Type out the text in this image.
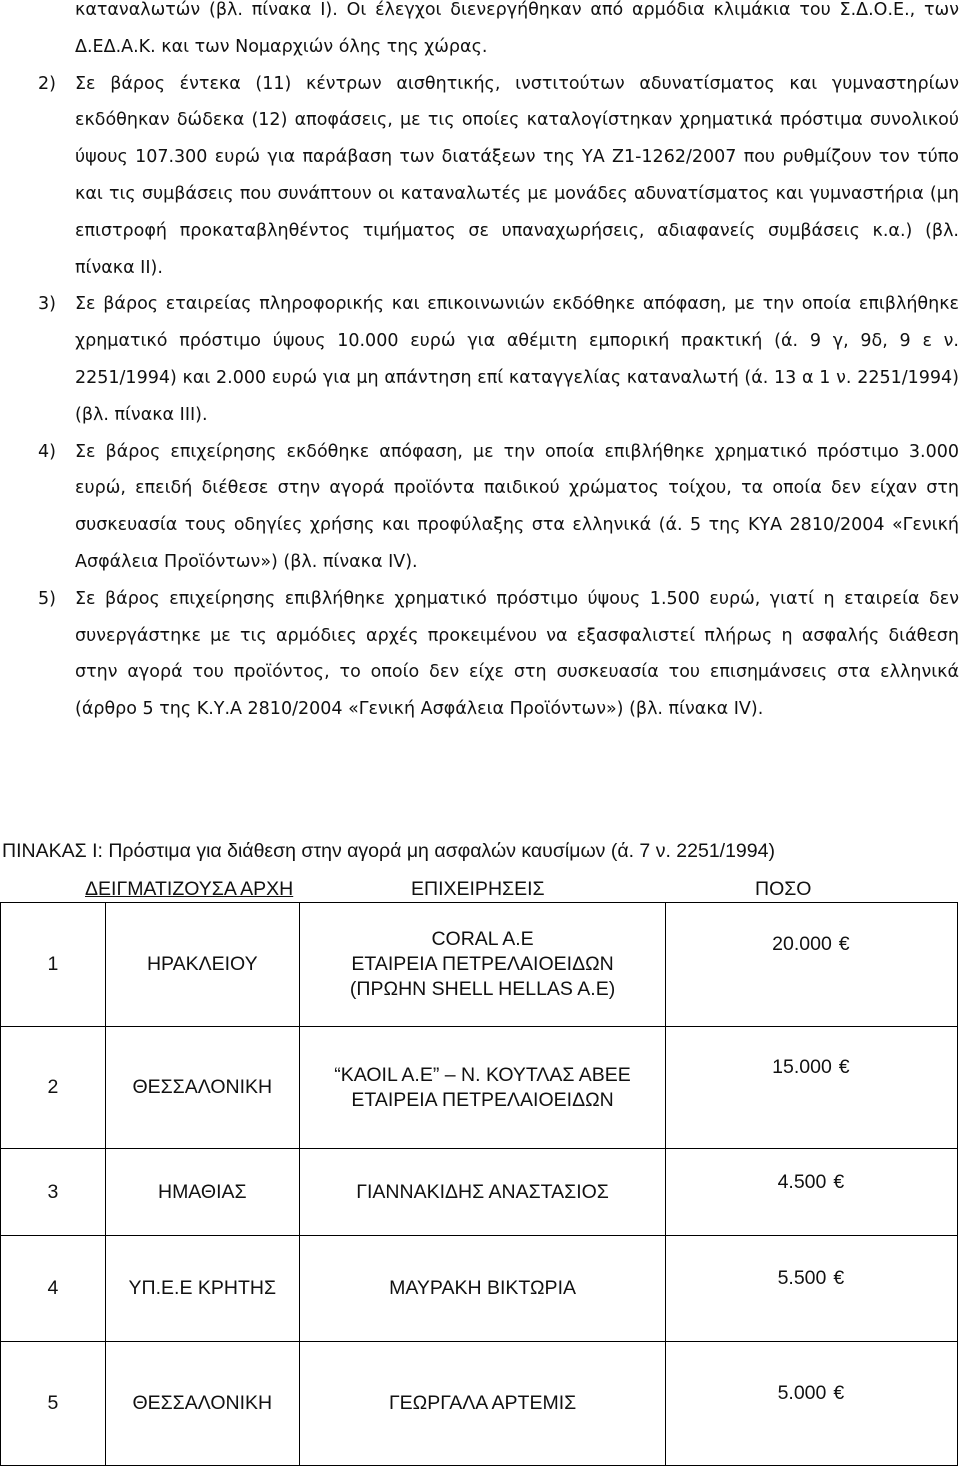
καταναλωτών (βλ. πίνακα Ι). Οι έλεγχοι διενεργήθηκαν από αρμόδια κλιμάκια του Σ.Δ.Ο.Ε., των Δ.ΕΔ.Α.Κ. και των Νομαρχιών όλης της χώρας.

2)	Σε βάρος έντεκα (11) κέντρων αισθητικής, ινστιτούτων αδυνατίσματος και γυμναστηρίων εκδόθηκαν δώδεκα (12) αποφάσεις, με τις οποίες καταλογίστηκαν χρηματικά πρόστιμα συνολικού ύψους 107.300 ευρώ για παράβαση των διατάξεων της ΥΑ Ζ1-1262/2007 που ρυθμίζουν τον τύπο και τις συμβάσεις που συνάπτουν οι καταναλωτές με μονάδες αδυνατίσματος και γυμναστήρια (μη επιστροφή προκαταβληθέντος τιμήματος σε υπαναχωρήσεις, αδιαφανείς συμβάσεις κ.α.) (βλ. πίνακα ΙΙ).
3)	Σε βάρος εταιρείας πληροφορικής και επικοινωνιών εκδόθηκε απόφαση, με την οποία επιβλήθηκε χρηματικό πρόστιμο ύψους 10.000 ευρώ για αθέμιτη εμπορική πρακτική (ά. 9 γ, 9δ, 9 ε ν. 2251/1994) και 2.000 ευρώ για μη απάντηση επί καταγγελίας καταναλωτή (ά. 13 α 1 ν. 2251/1994) (βλ. πίνακα ΙΙΙ).
4)	Σε βάρος επιχείρησης εκδόθηκε απόφαση, με την οποία επιβλήθηκε χρηματικό πρόστιμο 3.000 ευρώ, επειδή διέθεσε στην αγορά προϊόντα παιδικού χρώματος τοίχου, τα οποία δεν είχαν στη συσκευασία τους οδηγίες χρήσης και προφύλαξης στα ελληνικά (ά. 5 της ΚΥΑ 2810/2004 «Γενική Ασφάλεια Προϊόντων») (βλ. πίνακα IV).
5)	Σε βάρος επιχείρησης επιβλήθηκε χρηματικό πρόστιμο ύψους 1.500 ευρώ, γιατί η εταιρεία δεν συνεργάστηκε με τις αρμόδιες αρχές προκειμένου να εξασφαλιστεί πλήρως η ασφαλής διάθεση στην αγορά του προϊόντος, το οποίο δεν είχε στη συσκευασία του επισημάνσεις στα ελληνικά (άρθρο 5 της Κ.Υ.Α 2810/2004 «Γενική Ασφάλεια Προϊόντων») (βλ. πίνακα IV).
ΠΙΝΑΚΑΣ Ι: Πρόστιμα για διάθεση στην αγορά μη ασφαλών καυσίμων (ά. 7 ν. 2251/1994)
ΔΕΙΓΜΑΤΙΖΟΥΣΑ ΑΡΧΗ	ΕΠΙΧΕΙΡΗΣΕΙΣ	ΠΟΣΟ
1	ΗΡΑΚΛΕΙΟΥ	CORAL A.E
ΕΤΑΙΡΕΙΑ ΠΕΤΡΕΛΑΙΟΕΙΔΩΝ
(ΠΡΩΗΝ SHELL HELLAS A.E)	20.000 €
2	ΘΕΣΣΑΛΟΝΙΚΗ	“ΚΑΟΙL A.E” – Ν. ΚΟΥΤΛΑΣ ΑΒΕΕ
ΕΤΑΙΡΕΙΑ ΠΕΤΡΕΛΑΙΟΕΙΔΩΝ	15.000 €
3	ΗΜΑΘΙΑΣ	ΓΙΑΝΝΑΚΙΔΗΣ ΑΝΑΣΤΑΣΙΟΣ	4.500 €
4	ΥΠ.Ε.Ε ΚΡΗΤΗΣ	ΜΑΥΡΑΚΗ ΒΙΚΤΩΡΙΑ	5.500 €
5	ΘΕΣΣΑΛΟΝΙΚΗ	ΓΕΩΡΓΑΛΑ ΑΡΤΕΜΙΣ	5.000 €
